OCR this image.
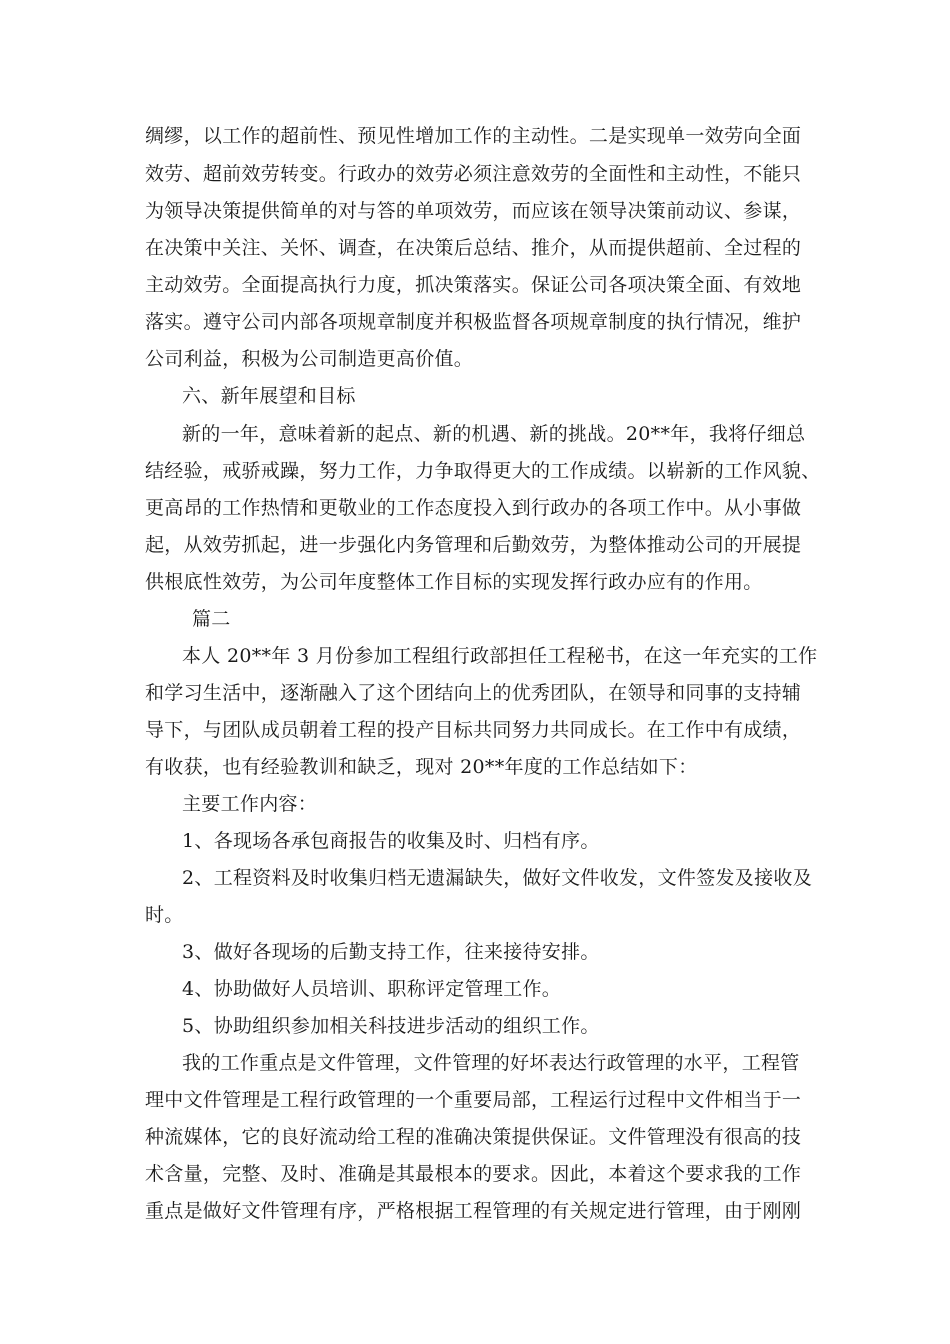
绸缪，以工作的超前性、预见性增加工作的主动性。二是实现单一效劳向全面
效劳、超前效劳转变。行政办的效劳必须注意效劳的全面性和主动性，不能只
为领导决策提供简单的对与答的单项效劳，而应该在领导决策前动议、参谋，
在决策中关注、关怀、调查，在决策后总结、推介，从而提供超前、全过程的
主动效劳。全面提高执行力度，抓决策落实。保证公司各项决策全面、有效地
落实。遵守公司内部各项规章制度并积极监督各项规章制度的执行情况，维护
公司利益，积极为公司制造更高价值。
六、新年展望和目标
新的一年，意味着新的起点、新的机遇、新的挑战。20**年，我将仔细总
结经验，戒骄戒躁，努力工作，力争取得更大的工作成绩。以崭新的工作风貌、
更高昂的工作热情和更敬业的工作态度投入到行政办的各项工作中。从小事做
起，从效劳抓起，进一步强化内务管理和后勤效劳，为整体推动公司的开展提
供根底性效劳，为公司年度整体工作目标的实现发挥行政办应有的作用。
篇二
本人 20**年 3 月份参加工程组行政部担任工程秘书，在这一年充实的工作
和学习生活中，逐渐融入了这个团结向上的优秀团队，在领导和同事的支持辅
导下，与团队成员朝着工程的投产目标共同努力共同成长。在工作中有成绩，
有收获，也有经验教训和缺乏，现对 20**年度的工作总结如下：
主要工作内容：
1、各现场各承包商报告的收集及时、归档有序。
2、工程资料及时收集归档无遗漏缺失，做好文件收发，文件签发及接收及
时。
3、做好各现场的后勤支持工作，往来接待安排。
4、协助做好人员培训、职称评定管理工作。
5、协助组织参加相关科技进步活动的组织工作。
我的工作重点是文件管理，文件管理的好坏表达行政管理的水平，工程管
理中文件管理是工程行政管理的一个重要局部，工程运行过程中文件相当于一
种流媒体，它的良好流动给工程的准确决策提供保证。文件管理没有很高的技
术含量，完整、及时、准确是其最根本的要求。因此，本着这个要求我的工作
重点是做好文件管理有序，严格根据工程管理的有关规定进行管理，由于刚刚
